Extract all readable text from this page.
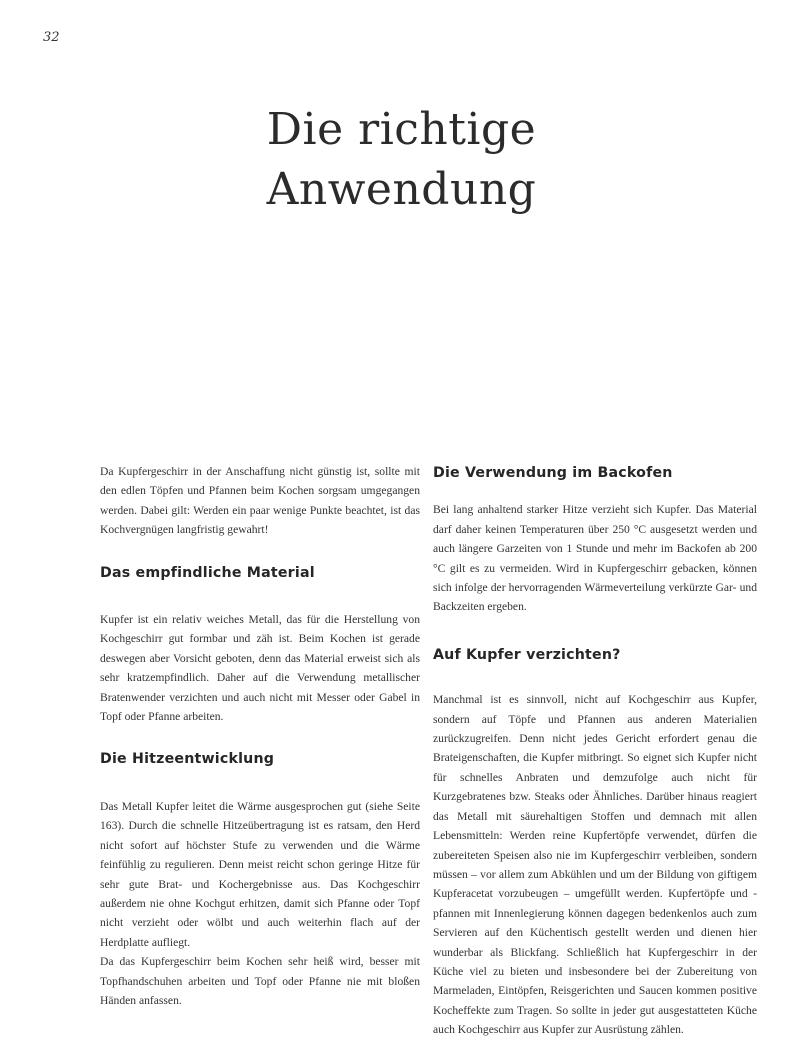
32
Die richtige
Anwendung

Da Kupfergeschirr in der Anschaffung nicht günstig ist, sollte mit den edlen Töpfen und Pfannen beim Kochen sorgsam umgegangen werden. Dabei gilt: Werden ein paar wenige Punkte beachtet, ist das Kochvergnügen langfristig gewahrt!

Das empfindliche Material

Kupfer ist ein relativ weiches Metall, das für die Herstellung von Kochgeschirr gut formbar und zäh ist. Beim Kochen ist gerade deswegen aber Vorsicht geboten, denn das Material erweist sich als sehr kratzempfindlich. Daher auf die Verwendung metallischer Bratenwender verzichten und auch nicht mit Messer oder Gabel in Topf oder Pfanne arbeiten.

Die Hitzeentwicklung

Das Metall Kupfer leitet die Wärme ausgesprochen gut (siehe Seite 163). Durch die schnelle Hitzeübertragung ist es ratsam, den Herd nicht sofort auf höchster Stufe zu verwenden und die Wärme feinfühlig zu regulieren. Denn meist reicht schon geringe Hitze für sehr gute Brat- und Kochergebnisse aus. Das Kochgeschirr außerdem nie ohne Kochgut erhitzen, damit sich Pfanne oder Topf nicht verzieht oder wölbt und auch weiterhin flach auf der Herdplatte aufliegt.

Da das Kupfergeschirr beim Kochen sehr heiß wird, besser mit Topfhandschuhen arbeiten und Topf oder Pfanne nie mit bloßen Händen anfassen.

Die Verwendung im Backofen

Bei lang anhaltend starker Hitze verzieht sich Kupfer. Das Material darf daher keinen Temperaturen über 250 °C ausgesetzt werden und auch längere Garzeiten von 1 Stunde und mehr im Backofen ab 200 °C gilt es zu vermeiden. Wird in Kupfergeschirr gebacken, können sich infolge der hervorragenden Wärmeverteilung verkürzte Gar- und Backzeiten ergeben.

Auf Kupfer verzichten?

Manchmal ist es sinnvoll, nicht auf Kochgeschirr aus Kupfer, sondern auf Töpfe und Pfannen aus anderen Materialien zurückzugreifen. Denn nicht jedes Gericht erfordert genau die Brateigenschaften, die Kupfer mitbringt. So eignet sich Kupfer nicht für schnelles Anbraten und demzufolge auch nicht für Kurzgebratenes bzw. Steaks oder Ähnliches. Darüber hinaus reagiert das Metall mit säurehaltigen Stoffen und demnach mit allen Lebensmitteln: Werden reine Kupfertöpfe verwendet, dürfen die zubereiteten Speisen also nie im Kupfergeschirr verbleiben, sondern müssen – vor allem zum Abkühlen und um der Bildung von giftigem Kupferacetat vorzubeugen – umgefüllt werden. Kupfertöpfe und -pfannen mit Innenlegierung können dagegen bedenkenlos auch zum Servieren auf den Küchentisch gestellt werden und dienen hier wunderbar als Blickfang. Schließlich hat Kupfergeschirr in der Küche viel zu bieten und insbesondere bei der Zubereitung von Marmeladen, Eintöpfen, Reisgerichten und Saucen kommen positive Kocheffekte zum Tragen. So sollte in jeder gut ausgestatteten Küche auch Kochgeschirr aus Kupfer zur Ausrüstung zählen.
